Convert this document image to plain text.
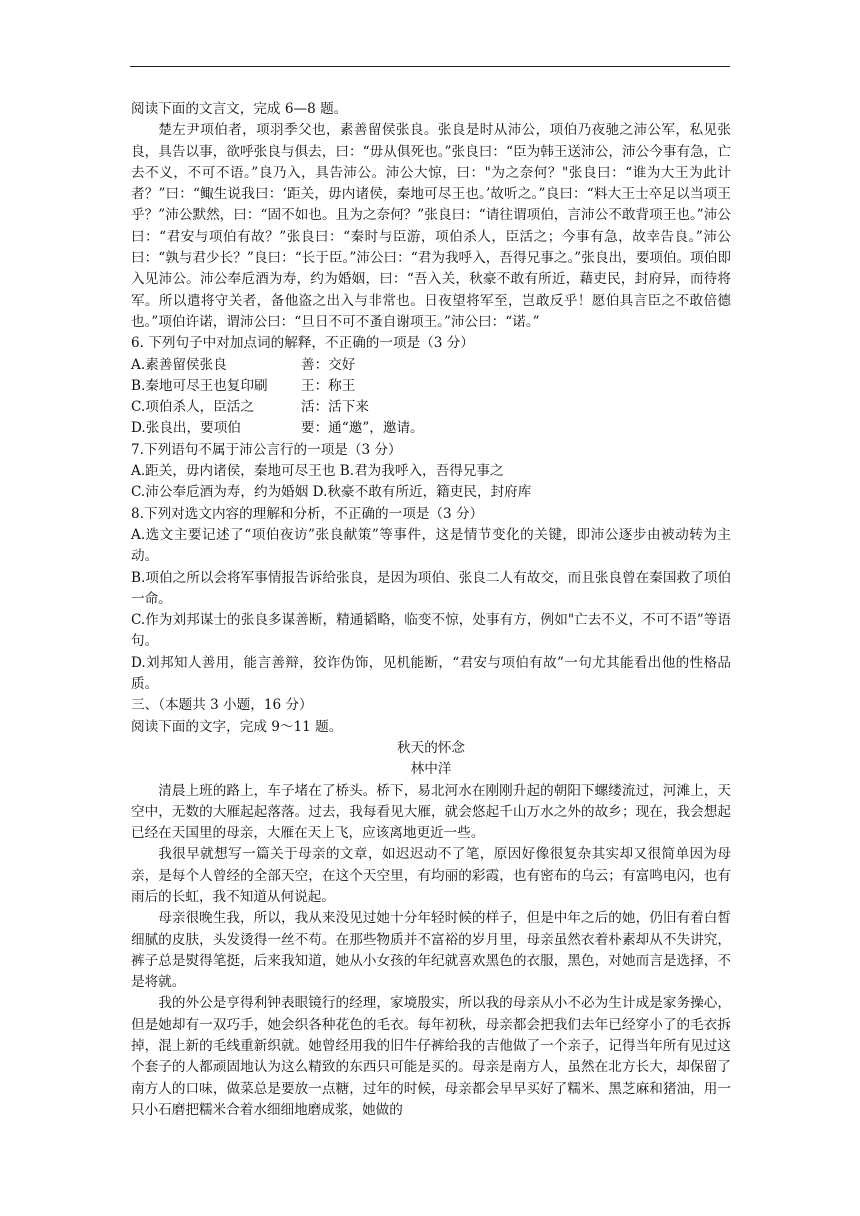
阅读下面的文言文，完成 6—8 题。

楚左尹项伯者，项羽季父也，素善留侯张良。张良是时从沛公，项伯乃夜驰之沛公军，私见张良，具告以事，欲呼张良与俱去，曰：“毋从俱死也。”张良曰：“臣为韩王送沛公，沛公今事有急，亡去不义，不可不语。”良乃入，具告沛公。沛公大惊，曰："为之奈何？"张良曰：“谁为大王为此计者？”曰：“鲰生说我曰：‘距关，毋内诸侯，秦地可尽王也。’故听之。”良曰：“料大王士卒足以当项王乎？”沛公默然，曰：“固不如也。且为之奈何？”张良曰：“请往谓项伯，言沛公不敢背项王也。”沛公曰：“君安与项伯有故？”张良曰：“秦时与臣游，项伯杀人，臣活之；今事有急，故幸告良。”沛公曰：“孰与君少长？”良曰：“长于臣。”沛公曰：“君为我呼入，吾得兄事之。”张良出，要项伯。项伯即入见沛公。沛公奉卮酒为寿，约为婚姻，曰：“吾入关，秋豪不敢有所近，藉吏民，封府异，而待将军。所以遣将守关者，备他盗之出入与非常也。日夜望将军至，岂敢反乎！愿伯具言臣之不敢倍德也。”项伯许诺，谓沛公曰：“旦日不可不蚤自谢项王。”沛公曰：“诺。”

6. 下列句子中对加点词的解释，不正确的一项是（3 分）

A.素善留侯张良	善：交好
B.秦地可尽王也复印刷	王：称王
C.项伯杀人，臣活之	活：活下来
D.张良出，要项伯	要：通“邀”，邀请。

7.下列语句不属于沛公言行的一项是（3 分）

A.距关，毋内诸侯，秦地可尽王也 B.君为我呼入，吾得兄事之

C.沛公奉卮酒为寿，约为婚姻 D.秋豪不敢有所近，籍吏民，封府库

8.下列对选文内容的理解和分析，不正确的一项是（3 分）

A.选文主要记述了“项伯夜访”张良献策”等事件，这是情节变化的关键，即沛公逐步由被动转为主动。

B.项伯之所以会将军事情报告诉给张良，是因为项伯、张良二人有故交，而且张良曾在秦国救了项伯一命。

C.作为刘邦谋士的张良多谋善断，精通韬略，临变不惊，处事有方，例如"亡去不义，不可不语”等语句。

D.刘邦知人善用，能言善辩，狡诈伪饰，见机能断，“君安与项伯有故”一句尤其能看出他的性格品质。

三、（本题共 3 小题，16 分）

阅读下面的文字，完成 9～11 题。

秋天的怀念

林中洋

清晨上班的路上，车子堵在了桥头。桥下，易北河水在刚刚升起的朝阳下螺缕流过，河滩上，天空中，无数的大雁起起落落。过去，我每看见大雁，就会悠起千山万水之外的故乡；现在，我会想起已经在天国里的母亲，大雁在天上飞，应该离地更近一些。

我很早就想写一篇关于母亲的文章，如迟迟动不了笔，原因好像很复杂其实却又很简单因为母亲，是每个人曾经的全部天空，在这个天空里，有均丽的彩霞，也有密布的乌云；有富鸣电闪，也有雨后的长虹，我不知道从何说起。

母亲很晚生我，所以，我从来没见过她十分年轻时候的样子，但是中年之后的她，仍旧有着白皙细腻的皮肤，头发烫得一丝不苟。在那些物质并不富裕的岁月里，母亲虽然衣着朴素却从不失讲究，裤子总是熨得笔挺，后来我知道，她从小女孩的年纪就喜欢黑色的衣服，黑色，对她而言是选择，不是将就。

我的外公是亨得利钟表眼镜行的经理，家境殷实，所以我的母亲从小不必为生计成是家务操心，但是她却有一双巧手，她会织各种花色的毛衣。每年初秋，母亲都会把我们去年已经穿小了的毛衣拆掉，混上新的毛线重新织就。她曾经用我的旧牛仔裤给我的吉他做了一个亲子，记得当年所有见过这个套子的人都顽固地认为这么精致的东西只可能是买的。母亲是南方人，虽然在北方长大，却保留了南方人的口味，做菜总是要放一点糖，过年的时候，母亲都会早早买好了糯米、黑芝麻和猪油，用一只小石磨把糯米合着水细细地磨成浆，她做的
